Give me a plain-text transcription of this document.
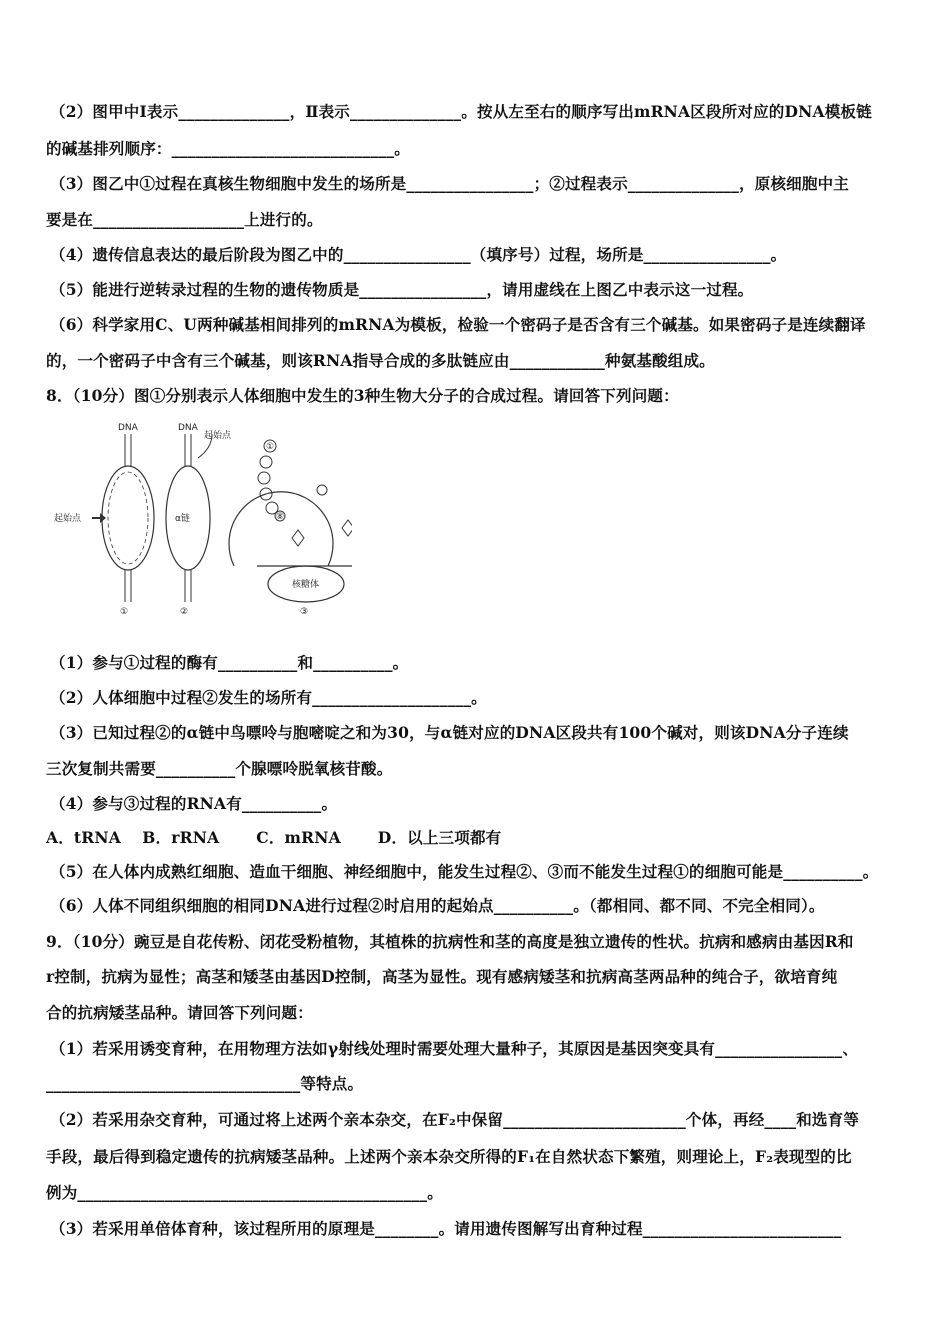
（2）图甲中Ⅰ表示______________，Ⅱ表示______________。按从左至右的顺序写出mRNA区段所对应的DNA模板链
的碱基排列顺序：____________________________。
（3）图乙中①过程在真核生物细胞中发生的场所是________________；②过程表示______________，原核细胞中主
要是在___________________上进行的。
（4）遗传信息表达的最后阶段为图乙中的________________（填序号）过程，场所是________________。
（5）能进行逆转录过程的生物的遗传物质是________________，请用虚线在上图乙中表示这一过程。
（6）科学家用C、U两种碱基相间排列的mRNA为模板，检验一个密码子是否含有三个碱基。如果密码子是连续翻译
的，一个密码子中含有三个碱基，则该RNA指导合成的多肽链应由____________种氨基酸组成。
8．（10分）图①分别表示人体细胞中发生的3种生物大分子的合成过程。请回答下列问题：
DNA
起始点
①
DNA
起始点
α链
②
①
⑧
核糖体
③
（1）参与①过程的酶有__________和__________。
（2）人体细胞中过程②发生的场所有____________________。
（3）已知过程②的α链中鸟嘌呤与胞嘧啶之和为30，与α链对应的DNA区段共有100个碱对，则该DNA分子连续
三次复制共需要__________个腺嘌呤脱氧核苷酸。
（4）参与③过程的RNA有__________。
A．tRNA　 B．rRNA　　 C．mRNA　　 D．以上三项都有
（5）在人体内成熟红细胞、造血干细胞、神经细胞中，能发生过程②、③而不能发生过程①的细胞可能是__________。
（6）人体不同组织细胞的相同DNA进行过程②时启用的起始点__________。（都相同、都不同、不完全相同）。
9．（10分）豌豆是自花传粉、闭花受粉植物，其植株的抗病性和茎的高度是独立遗传的性状。抗病和感病由基因R和
r控制，抗病为显性；高茎和矮茎由基因D控制，高茎为显性。现有感病矮茎和抗病高茎两品种的纯合子，欲培育纯
合的抗病矮茎品种。请回答下列问题：
（1）若采用诱变育种，在用物理方法如γ射线处理时需要处理大量种子，其原因是基因突变具有________________、
________________________________等特点。
（2）若采用杂交育种，可通过将上述两个亲本杂交，在F₂中保留_______________________个体，再经____和选育等
手段，最后得到稳定遗传的抗病矮茎品种。上述两个亲本杂交所得的F₁在自然状态下繁殖，则理论上，F₂表现型的比
例为____________________________________________。
（3）若采用单倍体育种，该过程所用的原理是________。请用遗传图解写出育种过程_________________________
